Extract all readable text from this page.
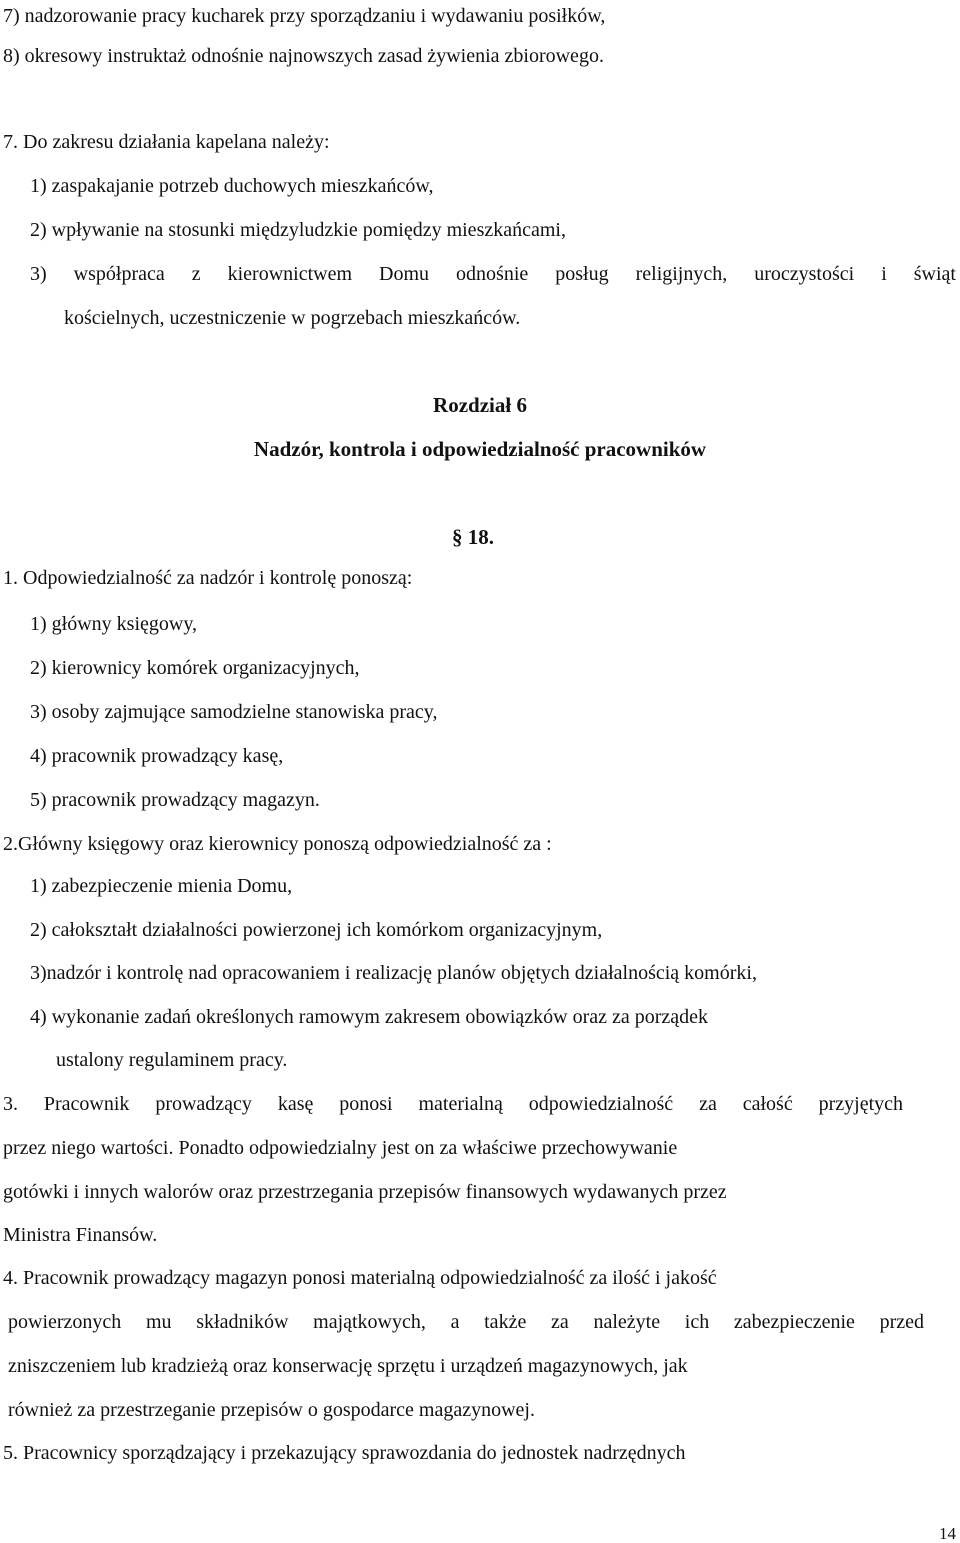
7) nadzorowanie pracy kucharek przy sporządzaniu i wydawaniu posiłków,

8) okresowy instruktaż odnośnie najnowszych zasad żywienia zbiorowego.

7. Do zakresu działania kapelana należy:

1) zaspakajanie potrzeb duchowych mieszkańców,

2) wpływanie na stosunki międzyludzkie pomiędzy mieszkańcami,

3) współpraca z kierownictwem Domu odnośnie posług religijnych, uroczystości i świąt

kościelnych, uczestniczenie w pogrzebach mieszkańców.

Rozdział 6
Nadzór, kontrola i odpowiedzialność pracowników
§ 18.

1. Odpowiedzialność za nadzór i kontrolę ponoszą:

1) główny księgowy,

2) kierownicy komórek organizacyjnych,

3) osoby zajmujące samodzielne stanowiska pracy,

4) pracownik prowadzący kasę,

5) pracownik prowadzący magazyn.

2.Główny księgowy oraz kierownicy ponoszą odpowiedzialność za :

1) zabezpieczenie mienia Domu,

2) całokształt działalności powierzonej ich komórkom organizacyjnym,

3)nadzór i kontrolę nad opracowaniem i realizację planów objętych działalnością komórki,

4) wykonanie zadań określonych ramowym zakresem obowiązków oraz za porządek

ustalony regulaminem pracy.

3. Pracownik prowadzący kasę ponosi materialną odpowiedzialność za całość przyjętych

przez niego wartości. Ponadto odpowiedzialny jest on za właściwe przechowywanie

gotówki i innych walorów oraz przestrzegania przepisów finansowych wydawanych przez

Ministra Finansów.

4. Pracownik prowadzący magazyn ponosi materialną odpowiedzialność za ilość i jakość

powierzonych mu składników majątkowych, a także za należyte ich zabezpieczenie przed

zniszczeniem lub kradzieżą oraz konserwację sprzętu i urządzeń magazynowych, jak

również za przestrzeganie przepisów o gospodarce magazynowej.

5. Pracownicy sporządzający i przekazujący sprawozdania do jednostek nadrzędnych

14
